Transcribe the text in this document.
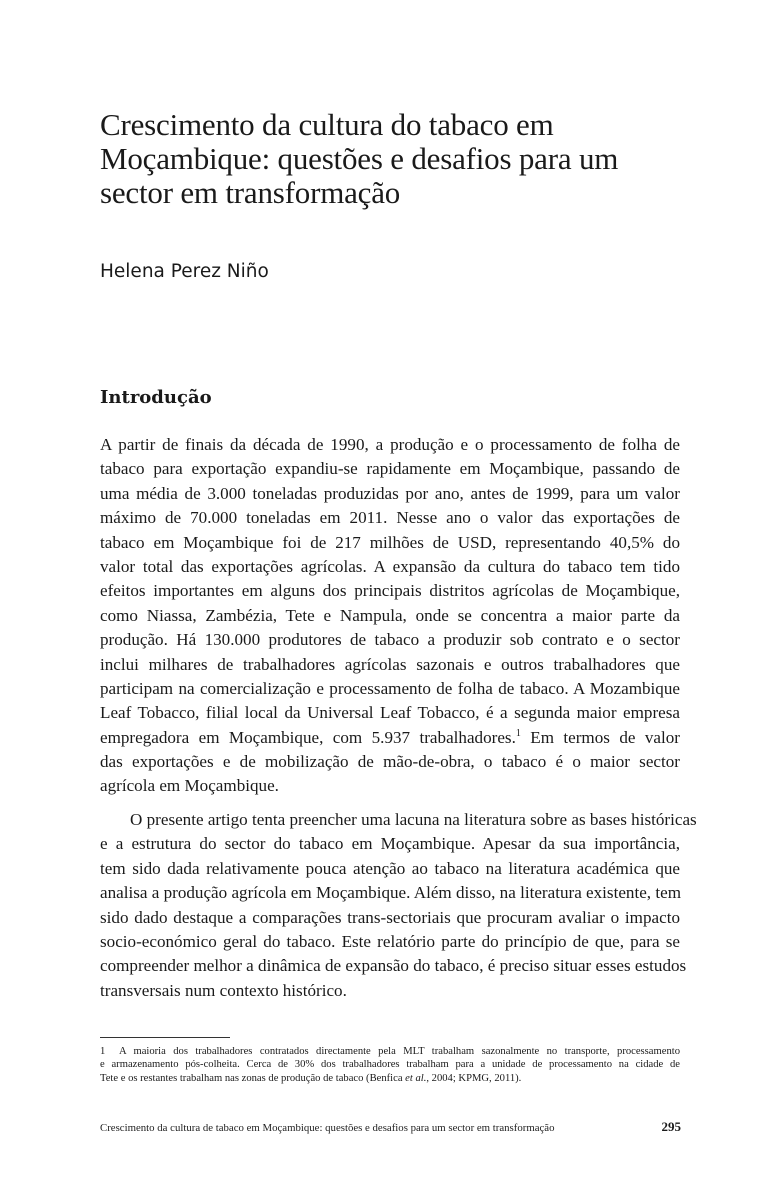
Crescimento da cultura do tabaco em
Moçambique: questões e desafios para um
sector em transformação

Helena Perez Niño

Introdução
A partir de finais da década de 1990, a produção e o processamento de folha de
tabaco para exportação expandiu-se rapidamente em Moçambique, passando de
uma média de 3.000 toneladas produzidas por ano, antes de 1999, para um valor
máximo de 70.000 toneladas em 2011. Nesse ano o valor das exportações de
tabaco em Moçambique foi de 217 milhões de USD, representando 40,5% do
valor total das exportações agrícolas. A expansão da cultura do tabaco tem tido
efeitos importantes em alguns dos principais distritos agrícolas de Moçambique,
como Niassa, Zambézia, Tete e Nampula, onde se concentra a maior parte da
produção. Há 130.000 produtores de tabaco a produzir sob contrato e o sector
inclui milhares de trabalhadores agrícolas sazonais e outros trabalhadores que
participam na comercialização e processamento de folha de tabaco. A Mozambique
Leaf Tobacco, filial local da Universal Leaf Tobacco, é a segunda maior empresa
empregadora em Moçambique, com 5.937 trabalhadores.$^1$ Em termos de valor
das exportações e de mobilização de mão-de-obra, o tabaco é o maior sector
agrícola em Moçambique.
O presente artigo tenta preencher uma lacuna na literatura sobre as bases históricas
e a estrutura do sector do tabaco em Moçambique. Apesar da sua importância,
tem sido dada relativamente pouca atenção ao tabaco na literatura académica que
analisa a produção agrícola em Moçambique. Além disso, na literatura existente, tem
sido dado destaque a comparações trans-sectoriais que procuram avaliar o impacto
socio-económico geral do tabaco. Este relatório parte do princípio de que, para se
compreender melhor a dinâmica de expansão do tabaco, é preciso situar esses estudos
transversais num contexto histórico.
1 A maioria dos trabalhadores contratados directamente pela MLT trabalham sazonalmente no transporte, processamento
e armazenamento pós-colheita. Cerca de 30% dos trabalhadores trabalham para a unidade de processamento na cidade de
Tete e os restantes trabalham nas zonas de produção de tabaco (Benfica et al., 2004; KPMG, 2011).

Crescimento da cultura de tabaco em Moçambique: questões e desafios para um sector em transformação	295
